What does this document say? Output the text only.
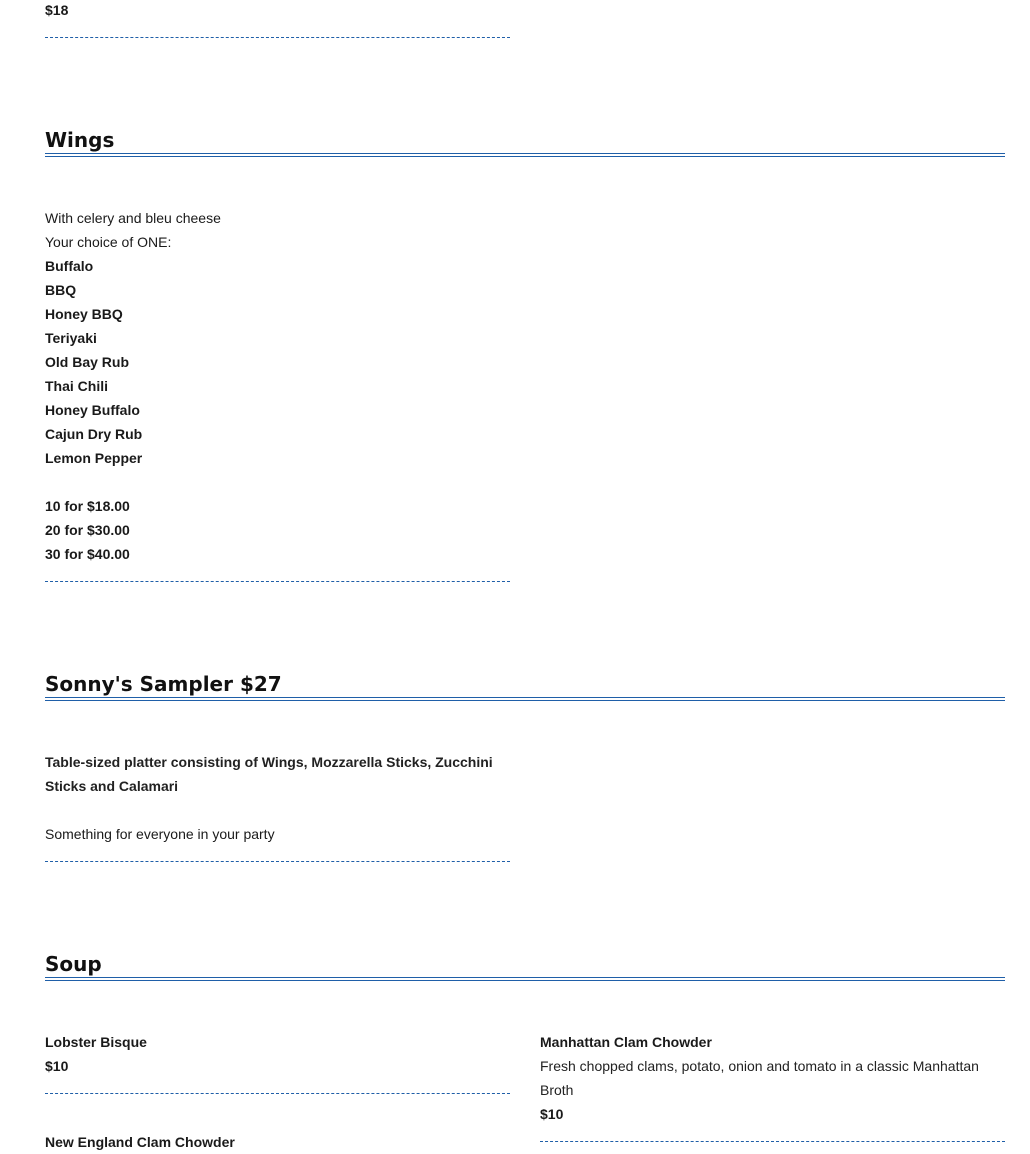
$18
Wings
With celery and bleu cheese
Your choice of ONE:
Buffalo
BBQ
Honey BBQ
Teriyaki
Old Bay Rub
Thai Chili
Honey Buffalo
Cajun Dry Rub
Lemon Pepper
10 for $18.00
20 for $30.00
30 for $40.00
Sonny's Sampler $27
Table-sized platter consisting of Wings, Mozzarella Sticks, Zucchini Sticks and Calamari
Something for everyone in your party
Soup
Lobster Bisque
$10
Manhattan Clam Chowder
Fresh chopped clams, potato, onion and tomato in a classic Manhattan Broth
$10
New England Clam Chowder
